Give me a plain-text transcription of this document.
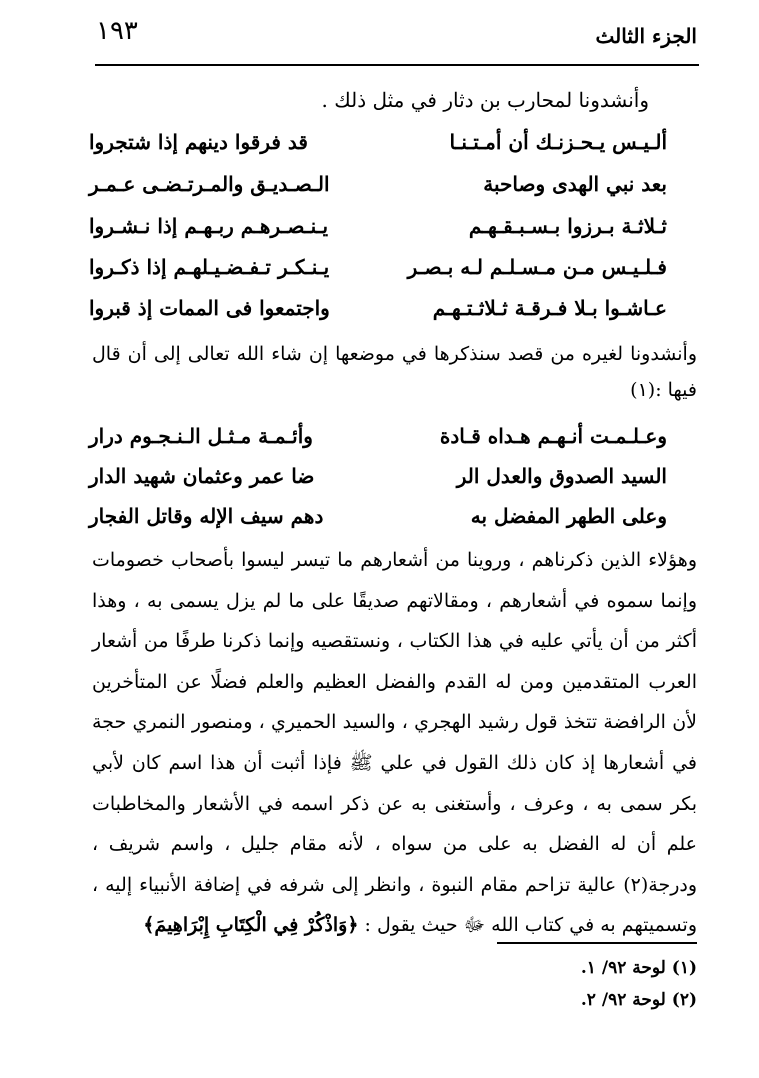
الجزء الثالث
١٩٣
وأنشدونا لمحارب بن دثار في مثل ذلك .
ألـيـس يـحـزنـك أن أمـتـنـا
قد فرقوا دينهم إذا شتجروا
بعد نبي الهدى وصاحبة
الـصـديـق والمـرتـضـى عـمـر
ثـلاثـة بـرزوا بـسـبـقـهـم
يـنـصـرهـم ربـهـم إذا نـشـروا
فـلـيـس مـن مـسـلـم لـه بـصـر
يـنـكـر تـفـضـيـلهـم إذا ذكـروا
عـاشـوا بـلا فـرقـة ثـلاثـتـهـم
واجتمعوا فى الممات إذ قبروا
وأنشدونا لغيره من قصد سنذكرها في موضعها إن شاء الله تعالى إلى أن قال فيها :(١)
وعـلـمـت أنـهـم هـداه قـادة
وأئـمـة مـثـل الـنـجـوم درار
السيد الصدوق والعدل الر
ضا عمر وعثمان شهيد الدار
وعلى الطهر المفضل به
دهم سيف الإله وقاتل الفجار
وهؤلاء الذين ذكرناهم ، وروينا من أشعارهم ما تيسر ليسوا بأصحاب خصومات وإنما سموه في أشعارهم ، ومقالاتهم صديقًا على ما لم يزل يسمى به ، وهذا أكثر من أن يأتي عليه في هذا الكتاب ، ونستقصيه وإنما ذكرنا طرفًا من أشعار العرب المتقدمين ومن له القدم والفضل العظيم والعلم فضلًا عن المتأخرين لأن الرافضة تتخذ قول رشيد الهجري ، والسيد الحميري ، ومنصور النمري حجة في أشعارها إذ كان ذلك القول في علي ﷺ فإذا أثبت أن هذا اسم كان لأبي بكر سمى به ، وعرف ، وأستغنى به عن ذكر اسمه في الأشعار والمخاطبات علم أن له الفضل به على من سواه ، لأنه مقام جليل ، واسم شريف ، ودرجة(٢) عالية تزاحم مقام النبوة ، وانظر إلى شرفه في إضافة الأنبياء إليه ، وتسميتهم به في كتاب الله ﷻ حيث يقول : ﴿وَاذْكُرْ فِي الْكِتَابِ إِبْرَاهِيمَ﴾
(١) لوحة ٩٢/ ١.
(٢) لوحة ٩٢/ ٢.
